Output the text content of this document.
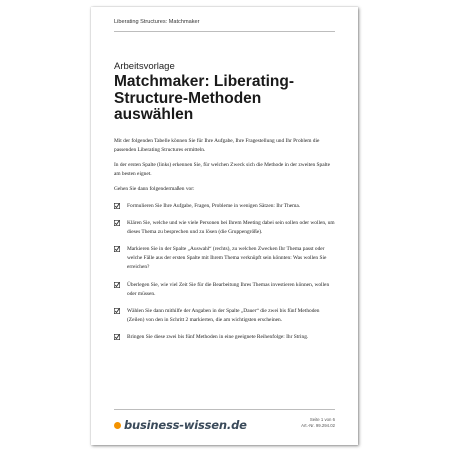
Liberating Structures: Matchmaker
Arbeitsvorlage
Matchmaker: Liberating-Structure-Methoden auswählen

Mit der folgenden Tabelle können Sie für Ihre Aufgabe, Ihre Fragestellung und Ihr Problem die passenden Liberating Structures ermitteln.

In der ersten Spalte (links) erkennen Sie, für welchen Zweck sich die Methode in der zweiten Spalte am besten eignet.

Gehen Sie dann folgendermaßen vor:

Formulieren Sie Ihre Aufgabe, Fragen, Probleme in wenigen Sätzen: Ihr Thema.
Klären Sie, welche und wie viele Personen bei Ihrem Meeting dabei sein sollen oder wollen, um dieses Thema zu besprechen und zu lösen (die Gruppengröße).
Markieren Sie in der Spalte „Auswahl“ (rechts), zu welchen Zwecken Ihr Thema passt oder welche Fälle aus der ersten Spalte mit Ihrem Thema verknüpft sein könnten: Was wollen Sie erreichen?
Überlegen Sie, wie viel Zeit Sie für die Bearbeitung Ihres Themas investieren können, wollen oder müssen.
Wählen Sie dann mithilfe der Angaben in der Spalte „Dauer“ die zwei bis fünf Methoden (Zeilen) von den in Schritt 2 markierten, die am wichtigsten erscheinen.
Bringen Sie diese zwei bis fünf Methoden in eine geeignete Reihenfolge: Ihr String.
business-wissen.de	Seite 1 von 6
Art.-Nr. 99.294.02
